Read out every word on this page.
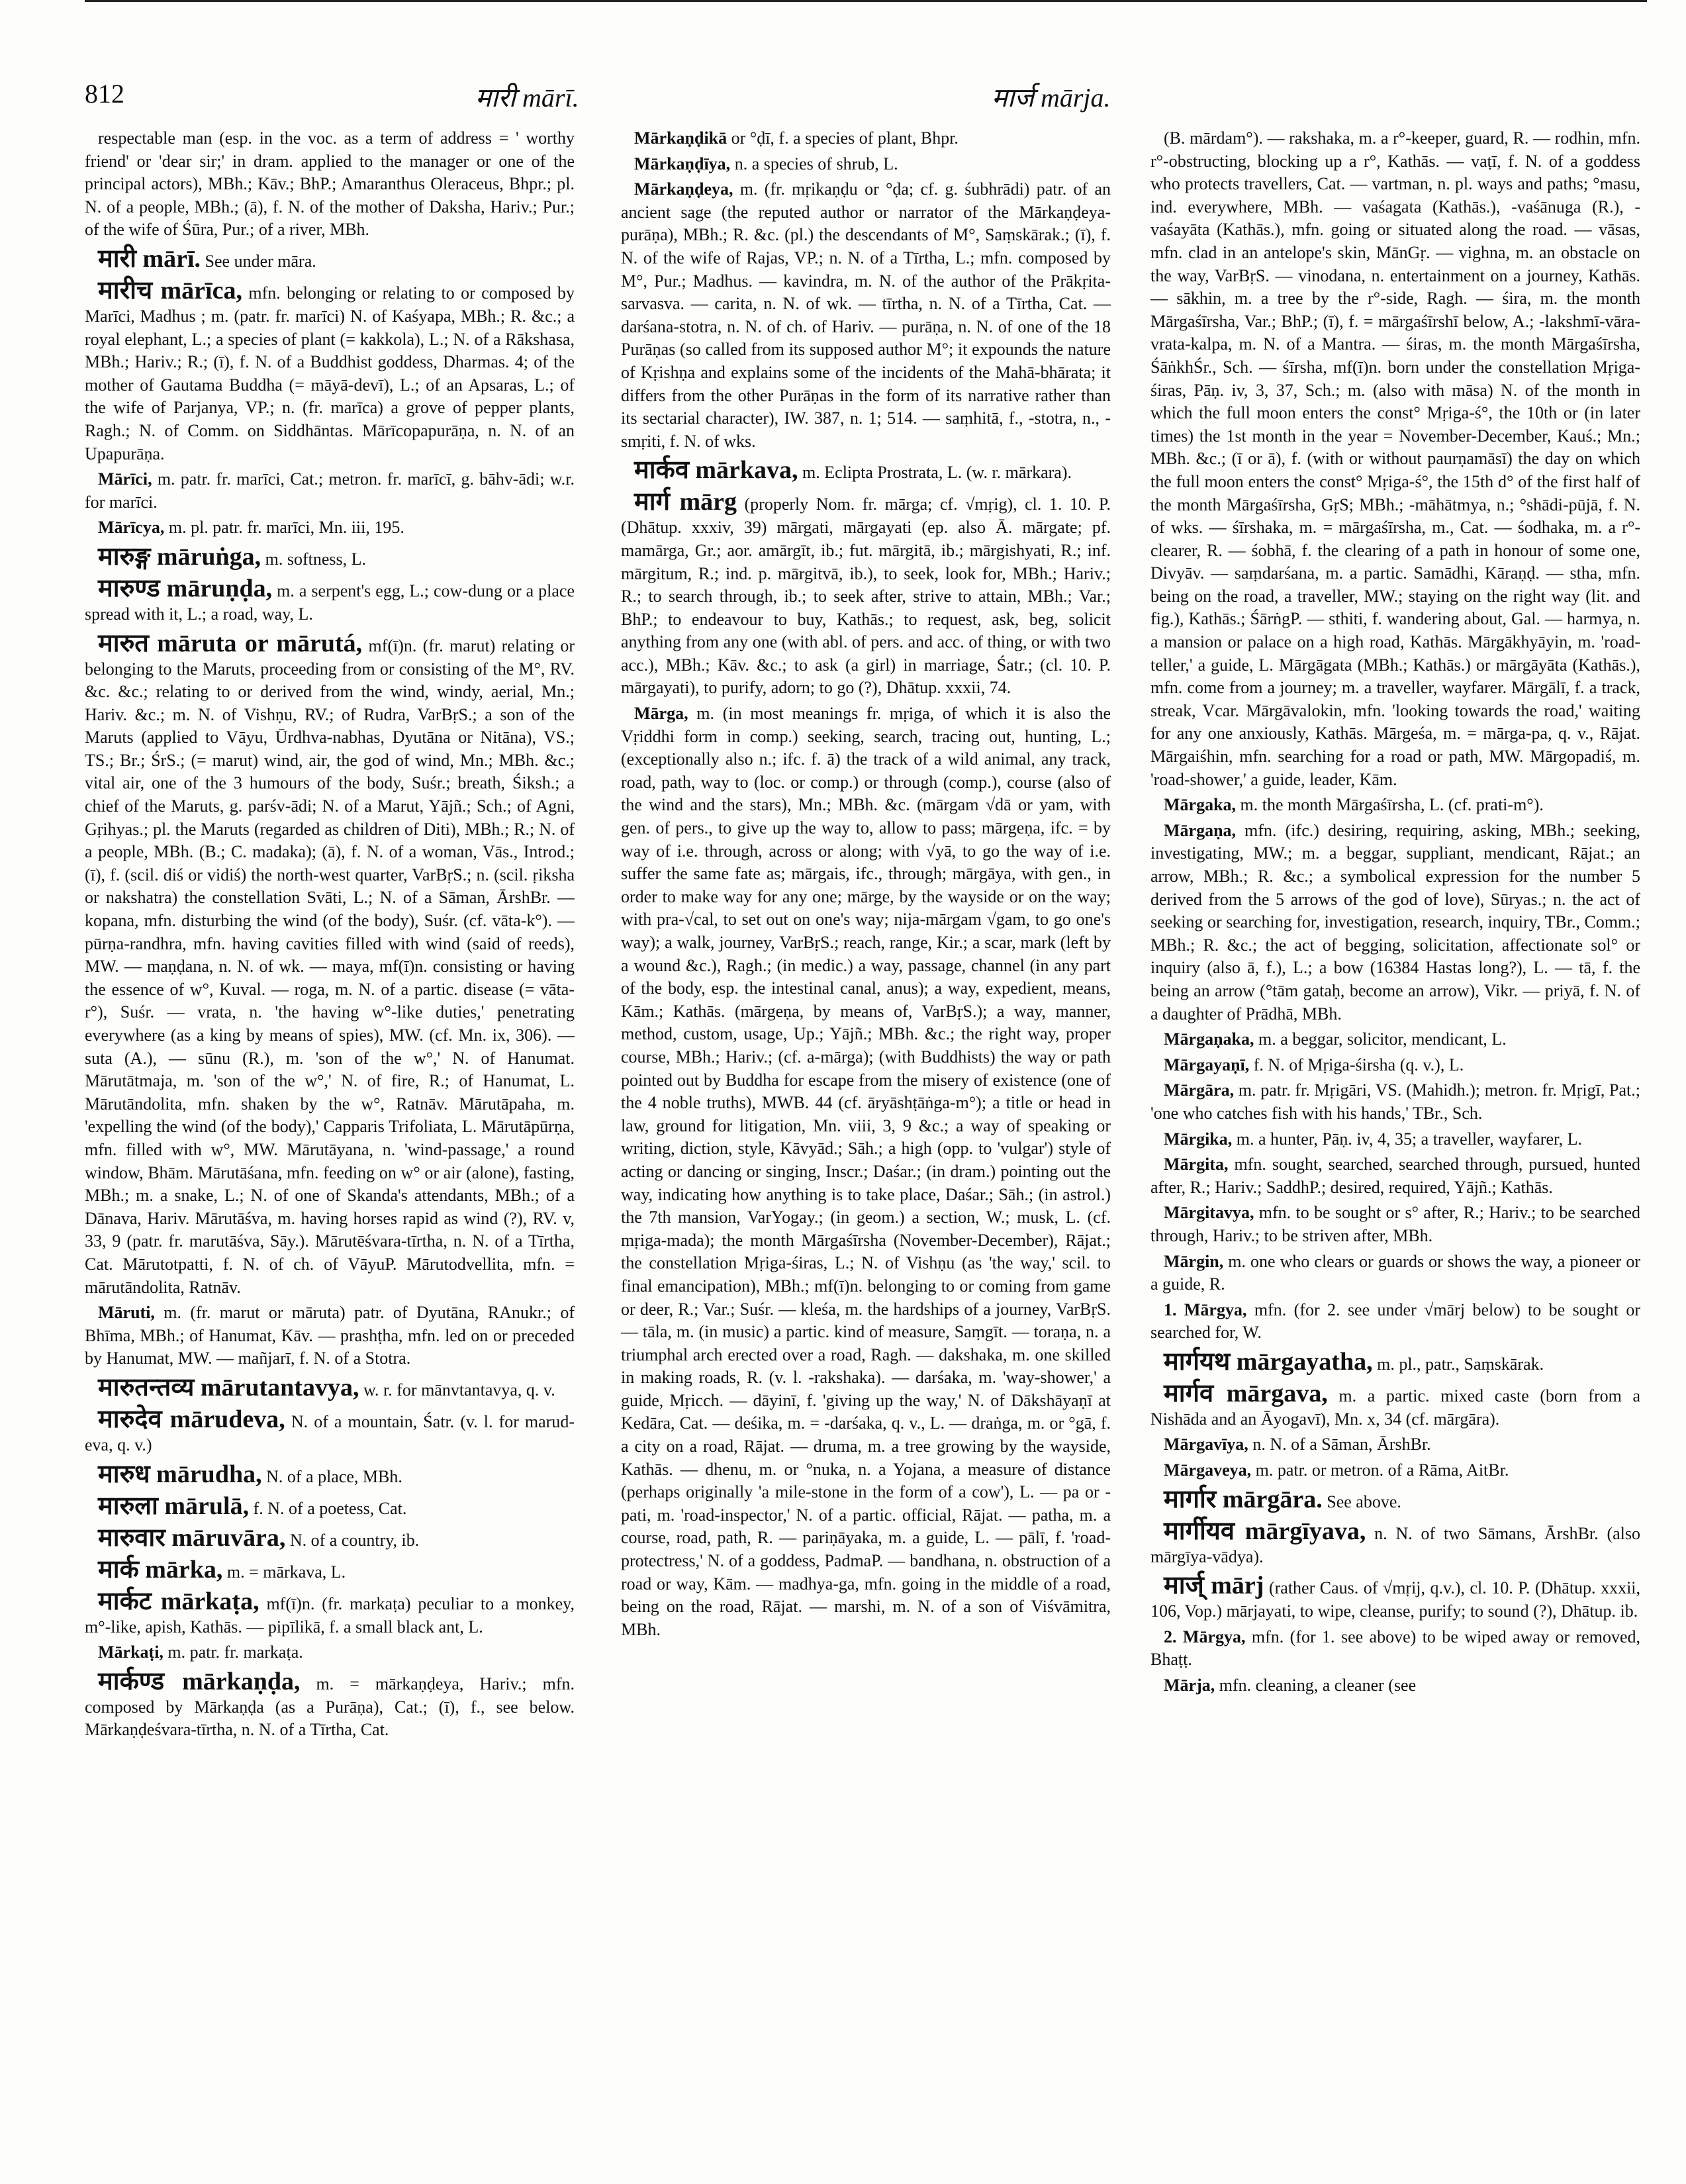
812	मारी mārī.	मार्ज mārja.

respectable man (esp. in the voc. as a term of address = ' worthy friend' or 'dear sir;' in dram. applied to the manager or one of the principal actors), MBh.; Kāv.; BhP.; Amaranthus Oleraceus, Bhpr.; pl. N. of a people, MBh.; (ā), f. N. of the mother of Daksha, Hariv.; Pur.; of the wife of Śūra, Pur.; of a river, MBh.

मारी mārī. See under māra.

मारीच mārīca, mfn. belonging or relating to or composed by Marīci, Madhus ; m. (patr. fr. marīci) N. of Kaśyapa, MBh.; R. &c.; a royal elephant, L.; a species of plant (= kakkola), L.; N. of a Rākshasa, MBh.; Hariv.; R.; (ī), f. N. of a Buddhist goddess, Dharmas. 4; of the mother of Gautama Buddha (= māyā-devī), L.; of an Apsaras, L.; of the wife of Parjanya, VP.; n. (fr. marīca) a grove of pepper plants, Ragh.; N. of Comm. on Siddhāntas. Mārīcopapurāṇa, n. N. of an Upapurāṇa.

Mārīci, m. patr. fr. marīci, Cat.; metron. fr. marīcī, g. bāhv-ādi; w.r. for marīci.

Mārīcya, m. pl. patr. fr. marīci, Mn. iii, 195.

मारुङ्ग māruṅga, m. softness, L.

मारुण्ड māruṇḍa, m. a serpent's egg, L.; cow-dung or a place spread with it, L.; a road, way, L.

मारुत māruta or mārutá, mf(ī)n. (fr. marut) relating or belonging to the Maruts, proceeding from or consisting of the M°, RV. &c. &c.; relating to or derived from the wind, windy, aerial, Mn.; Hariv. &c.; m. N. of Vishṇu, RV.; of Rudra, VarBṛS.; a son of the Maruts (applied to Vāyu, Ūrdhva-nabhas, Dyutāna or Nitāna), VS.; TS.; Br.; ŚrS.; (= marut) wind, air, the god of wind, Mn.; MBh. &c.; vital air, one of the 3 humours of the body, Suśr.; breath, Śiksh.; a chief of the Maruts, g. parśv-ādi; N. of a Marut, Yājñ.; Sch.; of Agni, Gṛihyas.; pl. the Maruts (regarded as children of Diti), MBh.; R.; N. of a people, MBh. (B.; C. madaka); (ā), f. N. of a woman, Vās., Introd.; (ī), f. (scil. diś or vidiś) the north-west quarter, VarBṛS.; n. (scil. ṛiksha or nakshatra) the constellation Svāti, L.; N. of a Sāman, ĀrshBr. — kopana, mfn. disturbing the wind (of the body), Suśr. (cf. vāta-k°). — pūrṇa-randhra, mfn. having cavities filled with wind (said of reeds), MW. — maṇḍana, n. N. of wk. — maya, mf(ī)n. consisting or having the essence of w°, Kuval. — roga, m. N. of a partic. disease (= vāta-r°), Suśr. — vrata, n. 'the having w°-like duties,' penetrating everywhere (as a king by means of spies), MW. (cf. Mn. ix, 306). — suta (A.), — sūnu (R.), m. 'son of the w°,' N. of Hanumat. Mārutātmaja, m. 'son of the w°,' N. of fire, R.; of Hanumat, L. Mārutāndolita, mfn. shaken by the w°, Ratnāv. Mārutāpaha, m. 'expelling the wind (of the body),' Capparis Trifoliata, L. Mārutāpūrṇa, mfn. filled with w°, MW. Mārutāyana, n. 'wind-passage,' a round window, Bhām. Mārutāśana, mfn. feeding on w° or air (alone), fasting, MBh.; m. a snake, L.; N. of one of Skanda's attendants, MBh.; of a Dānava, Hariv. Mārutāśva, m. having horses rapid as wind (?), RV. v, 33, 9 (patr. fr. marutāśva, Sāy.). Mārutēśvara-tīrtha, n. N. of a Tīrtha, Cat. Mārutotpatti, f. N. of ch. of VāyuP. Mārutodvellita, mfn. = mārutāndolita, Ratnāv.

Māruti, m. (fr. marut or māruta) patr. of Dyutāna, RAnukr.; of Bhīma, MBh.; of Hanumat, Kāv. — prashṭha, mfn. led on or preceded by Hanumat, MW. — mañjarī, f. N. of a Stotra.

मारुतन्तव्य mārutantavya, w. r. for mānvtantavya, q. v.

मारुदेव mārudeva, N. of a mountain, Śatr. (v. l. for marud-eva, q. v.)

मारुध mārudha, N. of a place, MBh.

मारुला mārulā, f. N. of a poetess, Cat.

मारुवार māruvāra, N. of a country, ib.

मार्क mārka, m. = mārkava, L.

मार्कट mārkaṭa, mf(ī)n. (fr. markaṭa) peculiar to a monkey, m°-like, apish, Kathās. — pipīlikā, f. a small black ant, L.

Mārkaṭi, m. patr. fr. markaṭa.

मार्कण्ड mārkaṇḍa, m. = mārkaṇḍeya, Hariv.; mfn. composed by Mārkaṇḍa (as a Purāṇa), Cat.; (ī), f., see below. Mārkaṇḍeśvara-tīrtha, n. N. of a Tīrtha, Cat.

Mārkaṇḍikā or °ḍī, f. a species of plant, Bhpr.

Mārkaṇḍīya, n. a species of shrub, L.

Mārkaṇḍeya, m. (fr. mṛikaṇḍu or °ḍa; cf. g. śubhrādi) patr. of an ancient sage (the reputed author or narrator of the Mārkaṇḍeya-purāṇa), MBh.; R. &c. (pl.) the descendants of M°, Saṃskārak.; (ī), f. N. of the wife of Rajas, VP.; n. N. of a Tīrtha, L.; mfn. composed by M°, Pur.; Madhus. — kavindra, m. N. of the author of the Prākṛita-sarvasva. — carita, n. N. of wk. — tīrtha, n. N. of a Tīrtha, Cat. — darśana-stotra, n. N. of ch. of Hariv. — purāṇa, n. N. of one of the 18 Purāṇas (so called from its supposed author M°; it expounds the nature of Kṛishṇa and explains some of the incidents of the Mahā-bhārata; it differs from the other Purāṇas in the form of its narrative rather than its sectarial character), IW. 387, n. 1; 514. — saṃhitā, f., -stotra, n., -smṛiti, f. N. of wks.

मार्कव mārkava, m. Eclipta Prostrata, L. (w. r. mārkara).

मार्ग mārg (properly Nom. fr. mārga; cf. √mṛig), cl. 1. 10. P. (Dhātup. xxxiv, 39) mārgati, mārgayati (ep. also Ā. mārgate; pf. mamārga, Gr.; aor. amārgīt, ib.; fut. mārgitā, ib.; mārgishyati, R.; inf. mārgitum, R.; ind. p. mārgitvā, ib.), to seek, look for, MBh.; Hariv.; R.; to search through, ib.; to seek after, strive to attain, MBh.; Var.; BhP.; to endeavour to buy, Kathās.; to request, ask, beg, solicit anything from any one (with abl. of pers. and acc. of thing, or with two acc.), MBh.; Kāv. &c.; to ask (a girl) in marriage, Śatr.; (cl. 10. P. mārgayati), to purify, adorn; to go (?), Dhātup. xxxii, 74.

Mārga, m. (in most meanings fr. mṛiga, of which it is also the Vṛiddhi form in comp.) seeking, search, tracing out, hunting, L.; (exceptionally also n.; ifc. f. ā) the track of a wild animal, any track, road, path, way to (loc. or comp.) or through (comp.), course (also of the wind and the stars), Mn.; MBh. &c. (mārgam √dā or yam, with gen. of pers., to give up the way to, allow to pass; mārgeṇa, ifc. = by way of i.e. through, across or along; with √yā, to go the way of i.e. suffer the same fate as; mārgais, ifc., through; mārgāya, with gen., in order to make way for any one; mārge, by the wayside or on the way; with pra-√cal, to set out on one's way; nija-mārgam √gam, to go one's way); a walk, journey, VarBṛS.; reach, range, Kir.; a scar, mark (left by a wound &c.), Ragh.; (in medic.) a way, passage, channel (in any part of the body, esp. the intestinal canal, anus); a way, expedient, means, Kām.; Kathās. (mārgeṇa, by means of, VarBṛS.); a way, manner, method, custom, usage, Up.; Yājñ.; MBh. &c.; the right way, proper course, MBh.; Hariv.; (cf. a-mārga); (with Buddhists) the way or path pointed out by Buddha for escape from the misery of existence (one of the 4 noble truths), MWB. 44 (cf. āryāshṭāṅga-m°); a title or head in law, ground for litigation, Mn. viii, 3, 9 &c.; a way of speaking or writing, diction, style, Kāvyād.; Sāh.; a high (opp. to 'vulgar') style of acting or dancing or singing, Inscr.; Daśar.; (in dram.) pointing out the way, indicating how anything is to take place, Daśar.; Sāh.; (in astrol.) the 7th mansion, VarYogay.; (in geom.) a section, W.; musk, L. (cf. mṛiga-mada); the month Mārgaśīrsha (November-December), Rājat.; the constellation Mṛiga-śiras, L.; N. of Vishṇu (as 'the way,' scil. to final emancipation), MBh.; mf(ī)n. belonging to or coming from game or deer, R.; Var.; Suśr. — kleśa, m. the hardships of a journey, VarBṛS. — tāla, m. (in music) a partic. kind of measure, Saṃgīt. — toraṇa, n. a triumphal arch erected over a road, Ragh. — dakshaka, m. one skilled in making roads, R. (v. l. -rakshaka). — darśaka, m. 'way-shower,' a guide, Mṛicch. — dāyinī, f. 'giving up the way,' N. of Dākshāyaṇī at Kedāra, Cat. — deśika, m. = -darśaka, q. v., L. — draṅga, m. or °gā, f. a city on a road, Rājat. — druma, m. a tree growing by the wayside, Kathās. — dhenu, m. or °nuka, n. a Yojana, a measure of distance (perhaps originally 'a mile-stone in the form of a cow'), L. — pa or -pati, m. 'road-inspector,' N. of a partic. official, Rājat. — patha, m. a course, road, path, R. — pariṇāyaka, m. a guide, L. — pālī, f. 'road-protectress,' N. of a goddess, PadmaP. — bandhana, n. obstruction of a road or way, Kām. — madhya-ga, mfn. going in the middle of a road, being on the road, Rājat. — marshi, m. N. of a son of Viśvāmitra, MBh.

(B. mārdam°). — rakshaka, m. a r°-keeper, guard, R. — rodhin, mfn. r°-obstructing, blocking up a r°, Kathās. — vaṭī, f. N. of a goddess who protects travellers, Cat. — vartman, n. pl. ways and paths; °masu, ind. everywhere, MBh. — vaśagata (Kathās.), -vaśānuga (R.), -vaśayāta (Kathās.), mfn. going or situated along the road. — vāsas, mfn. clad in an antelope's skin, MānGṛ. — vighna, m. an obstacle on the way, VarBṛS. — vinodana, n. entertainment on a journey, Kathās. — sākhin, m. a tree by the r°-side, Ragh. — śira, m. the month Mārgaśīrsha, Var.; BhP.; (ī), f. = mārgaśīrshī below, A.; -lakshmī-vāra-vrata-kalpa, m. N. of a Mantra. — śiras, m. the month Mārgaśīrsha, ŚāṅkhŚr., Sch. — śīrsha, mf(ī)n. born under the constellation Mṛiga-śiras, Pāṇ. iv, 3, 37, Sch.; m. (also with māsa) N. of the month in which the full moon enters the const° Mṛiga-ś°, the 10th or (in later times) the 1st month in the year = November-December, Kauś.; Mn.; MBh. &c.; (ī or ā), f. (with or without paurṇamāsī) the day on which the full moon enters the const° Mṛiga-ś°, the 15th d° of the first half of the month Mārgaśīrsha, GṛS; MBh.; -māhātmya, n.; °shādi-pūjā, f. N. of wks. — śīrshaka, m. = mārgaśīrsha, m., Cat. — śodhaka, m. a r°-clearer, R. — śobhā, f. the clearing of a path in honour of some one, Divyāv. — saṃdarśana, m. a partic. Samādhi, Kāraṇḍ. — stha, mfn. being on the road, a traveller, MW.; staying on the right way (lit. and fig.), Kathās.; ŚārṅgP. — sthiti, f. wandering about, Gal. — harmya, n. a mansion or palace on a high road, Kathās. Mārgākhyāyin, m. 'road-teller,' a guide, L. Mārgāgata (MBh.; Kathās.) or mārgāyāta (Kathās.), mfn. come from a journey; m. a traveller, wayfarer. Mārgālī, f. a track, streak, Vcar. Mārgāvalokin, mfn. 'looking towards the road,' waiting for any one anxiously, Kathās. Mārgeśa, m. = mārga-pa, q. v., Rājat. Mārgaiśhin, mfn. searching for a road or path, MW. Mārgopadiś, m. 'road-shower,' a guide, leader, Kām.

Mārgaka, m. the month Mārgaśīrsha, L. (cf. prati-m°).

Mārgaṇa, mfn. (ifc.) desiring, requiring, asking, MBh.; seeking, investigating, MW.; m. a beggar, suppliant, mendicant, Rājat.; an arrow, MBh.; R. &c.; a symbolical expression for the number 5 derived from the 5 arrows of the god of love), Sūryas.; n. the act of seeking or searching for, investigation, research, inquiry, TBr., Comm.; MBh.; R. &c.; the act of begging, solicitation, affectionate sol° or inquiry (also ā, f.), L.; a bow (16384 Hastas long?), L. — tā, f. the being an arrow (°tām gataḥ, become an arrow), Vikr. — priyā, f. N. of a daughter of Prādhā, MBh.

Mārgaṇaka, m. a beggar, solicitor, mendicant, L.

Mārgayaṇī, f. N. of Mṛiga-śirsha (q. v.), L.

Mārgāra, m. patr. fr. Mṛigāri, VS. (Mahidh.); metron. fr. Mṛigī, Pat.; 'one who catches fish with his hands,' TBr., Sch.

Mārgika, m. a hunter, Pāṇ. iv, 4, 35; a traveller, wayfarer, L.

Mārgita, mfn. sought, searched, searched through, pursued, hunted after, R.; Hariv.; SaddhP.; desired, required, Yājñ.; Kathās.

Mārgitavya, mfn. to be sought or s° after, R.; Hariv.; to be searched through, Hariv.; to be striven after, MBh.

Mārgin, m. one who clears or guards or shows the way, a pioneer or a guide, R.

1. Mārgya, mfn. (for 2. see under √mārj below) to be sought or searched for, W.

मार्गयथ mārgayatha, m. pl., patr., Saṃskārak.

मार्गव mārgava, m. a partic. mixed caste (born from a Nishāda and an Āyogavī), Mn. x, 34 (cf. mārgāra).

Mārgavīya, n. N. of a Sāman, ĀrshBr.

Mārgaveya, m. patr. or metron. of a Rāma, AitBr.

मार्गार mārgāra. See above.

मार्गीयव mārgīyava, n. N. of two Sāmans, ĀrshBr. (also mārgīya-vādya).

मार्ज् mārj (rather Caus. of √mṛij, q.v.), cl. 10. P. (Dhātup. xxxii, 106, Vop.) mārjayati, to wipe, cleanse, purify; to sound (?), Dhātup. ib.

2. Mārgya, mfn. (for 1. see above) to be wiped away or removed, Bhaṭṭ.

Mārja, mfn. cleaning, a cleaner (see
